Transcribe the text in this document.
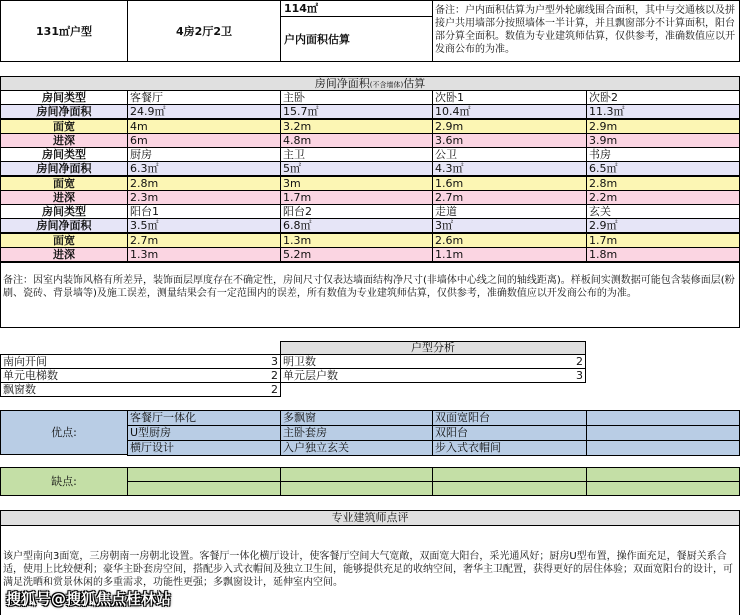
131㎡户型	4房2厅2卫
114㎡
户内面积估算
备注：户内面积估算为户型外轮廓线围合面积，其中与交通核以及拼接户共用墙部分按照墙体一半计算，并且飘窗部分不计算面积，阳台部分算全面积。数值为专业建筑师估算，仅供参考，准确数值应以开发商公布的为准。
房间净面积(不含墙体)估算
房间类型	客餐厅	主卧	次卧1	次卧2
房间净面积	24.9㎡	15.7㎡	10.4㎡	11.3㎡
面宽	4m	3.2m	2.9m	2.9m
进深	6m	4.8m	3.6m	3.9m
房间类型	厨房	主卫	公卫	书房
房间净面积	6.3㎡	5㎡	4.3㎡	6.5㎡
面宽	2.8m	3m	1.6m	2.8m
进深	2.3m	1.7m	2.7m	2.2m
房间类型	阳台1	阳台2	走道	玄关
房间净面积	3.5㎡	6.8㎡	3㎡	2.9㎡
面宽	2.7m	1.3m	2.6m	1.7m
进深	1.3m	5.2m	1.1m	1.8m
备注：因室内装饰风格有所差异，装饰面层厚度存在不确定性，房间尺寸仅表达墙面结构净尺寸(非墙体中心线之间的轴线距离)。样板间实测数据可能包含装修面层(粉刷、瓷砖、背景墙等)及施工误差，测量结果会有一定范围内的误差，所有数值为专业建筑师估算，仅供参考，准确数值应以开发商公布的为准。
户型分析
南向开间	3 明卫数	2
单元电梯数	2 单元层户数	3
飘窗数	2
优点:
客餐厅一体化	多飘窗	双面宽阳台
U型厨房	主卧套房	双阳台
横厅设计	入户独立玄关	步入式衣帽间
缺点:
专业建筑师点评
该户型南向3面宽，三房朝南一房朝北设置。客餐厅一体化横厅设计，使客餐厅空间大气宽敞，双面宽大阳台，采光通风好；厨房U型布置，操作面充足，餐厨关系合适，使用上比较便利；豪华主卧套房空间，搭配步入式衣帽间及独立卫生间，能够提供充足的收纳空间，奢华主卫配置，获得更好的居住体验；双面宽阳台的设计，可满足洗晒和赏景休闲的多重需求，功能性更强；多飘窗设计，延伸室内空间。
搜狐号@搜狐焦点桂林站
